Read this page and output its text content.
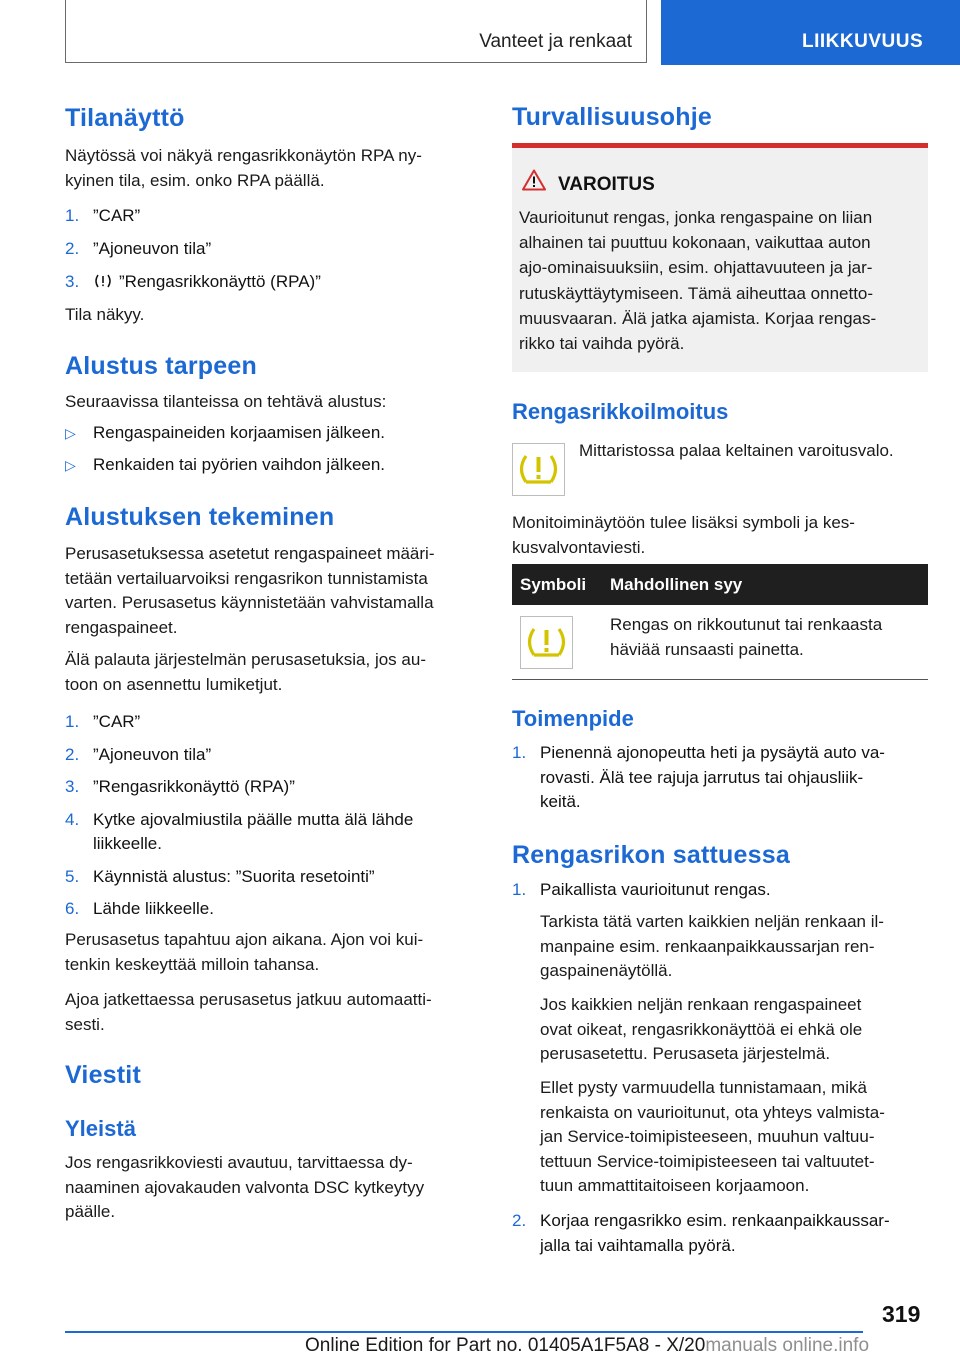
Vanteet ja renkaat	LIIKKUVUUS
Tilanäyttö
Näytössä voi näkyä rengasrikkonäytön RPA ny-
kyinen tila, esim. onko RPA päällä.
1. ”CAR”
2. ”Ajoneuvon tila”
3.	”Rengasrikkonäyttö (RPA)”
Tila näkyy.
Alustus tarpeen
Seuraavissa tilanteissa on tehtävä alustus:
▷	Rengaspaineiden korjaamisen jälkeen.
▷	Renkaiden tai pyörien vaihdon jälkeen.
Alustuksen tekeminen
Perusasetuksessa asetetut rengaspaineet määri-
tetään vertailuarvoiksi rengasrikon tunnistamista
varten. Perusasetus käynnistetään vahvistamalla
rengaspaineet.
Älä palauta järjestelmän perusasetuksia, jos au-
toon on asennettu lumiketjut.
1. ”CAR”
2. ”Ajoneuvon tila”
3. ”Rengasrikkonäyttö (RPA)”
4. Kytke ajovalmiustila päälle mutta älä lähde
liikkeelle.
5. Käynnistä alustus: ”Suorita resetointi”
6. Lähde liikkeelle.
Perusasetus tapahtuu ajon aikana. Ajon voi kui-
tenkin keskeyttää milloin tahansa.
Ajoa jatkettaessa perusasetus jatkuu automaatti-
sesti.
Viestit
Yleistä
Jos rengasrikkoviesti avautuu, tarvittaessa dy-
naaminen ajovakauden valvonta DSC kytkeytyy
päälle.
Turvallisuusohje
VAROITUS
Vaurioitunut rengas, jonka rengaspaine on liian
alhainen tai puuttuu kokonaan, vaikuttaa auton
ajo-ominaisuuksiin, esim. ohjattavuuteen ja jar-
rutuskäyttäytymiseen. Tämä aiheuttaa onnetto-
muusvaaran. Älä jatka ajamista. Korjaa rengas-
rikko tai vaihda pyörä.
Rengasrikkoilmoitus
Mittaristossa palaa keltainen varoitusvalo.
Monitoiminäytöön tulee lisäksi symboli ja kes-
kusvalvontaviesti.
Symboli Mahdollinen syy
Rengas on rikkoutunut tai renkaasta
häviää runsaasti painetta.
Toimenpide
1. Pienennä ajonopeutta heti ja pysäytä auto va-
rovasti. Älä tee rajuja jarrutus tai ohjausliik-
keitä.
Rengasrikon sattuessa
1. Paikallista vaurioitunut rengas.
Tarkista tätä varten kaikkien neljän renkaan il-
manpaine esim. renkaanpaikkaussarjan ren-
gaspainenäytöllä.
Jos kaikkien neljän renkaan rengaspaineet
ovat oikeat, rengasrikkonäyttöä ei ehkä ole
perusasetettu. Perusaseta järjestelmä.
Ellet pysty varmuudella tunnistamaan, mikä
renkaista on vaurioitunut, ota yhteys valmista-
jan Service-toimipisteeseen, muuhun valtuu-
tettuun Service-toimipisteeseen tai valtuutet-
tuun ammattitaitoiseen korjaamoon.
2. Korjaa rengasrikko esim. renkaanpaikkaussar-
jalla tai vaihtamalla pyörä.
319
Online Edition for Part no. 01405A1F5A8 - X/20manuals online.info
